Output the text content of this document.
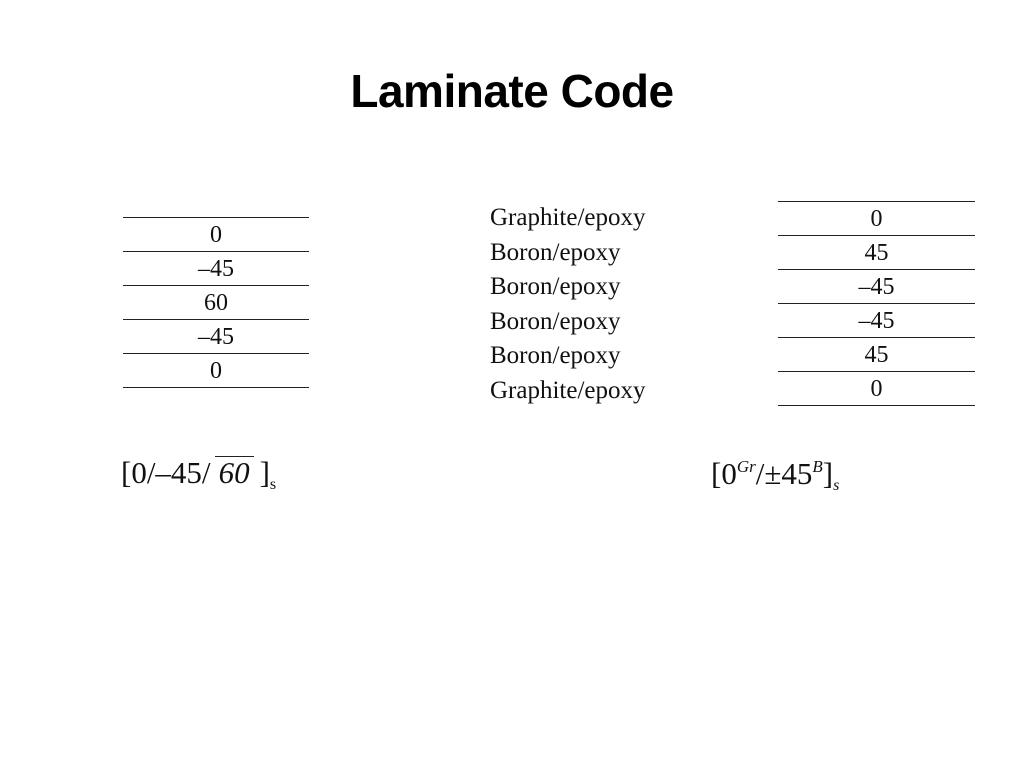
Laminate Code
0
–45
60
–45
0
Graphite/epoxy
Boron/epoxy
Boron/epoxy
Boron/epoxy
Boron/epoxy
Graphite/epoxy
0
45
–45
–45
45
0
[0/–45/ 60 ]$_s$	$[0^{Gr}/\pm 45^B]_s$
